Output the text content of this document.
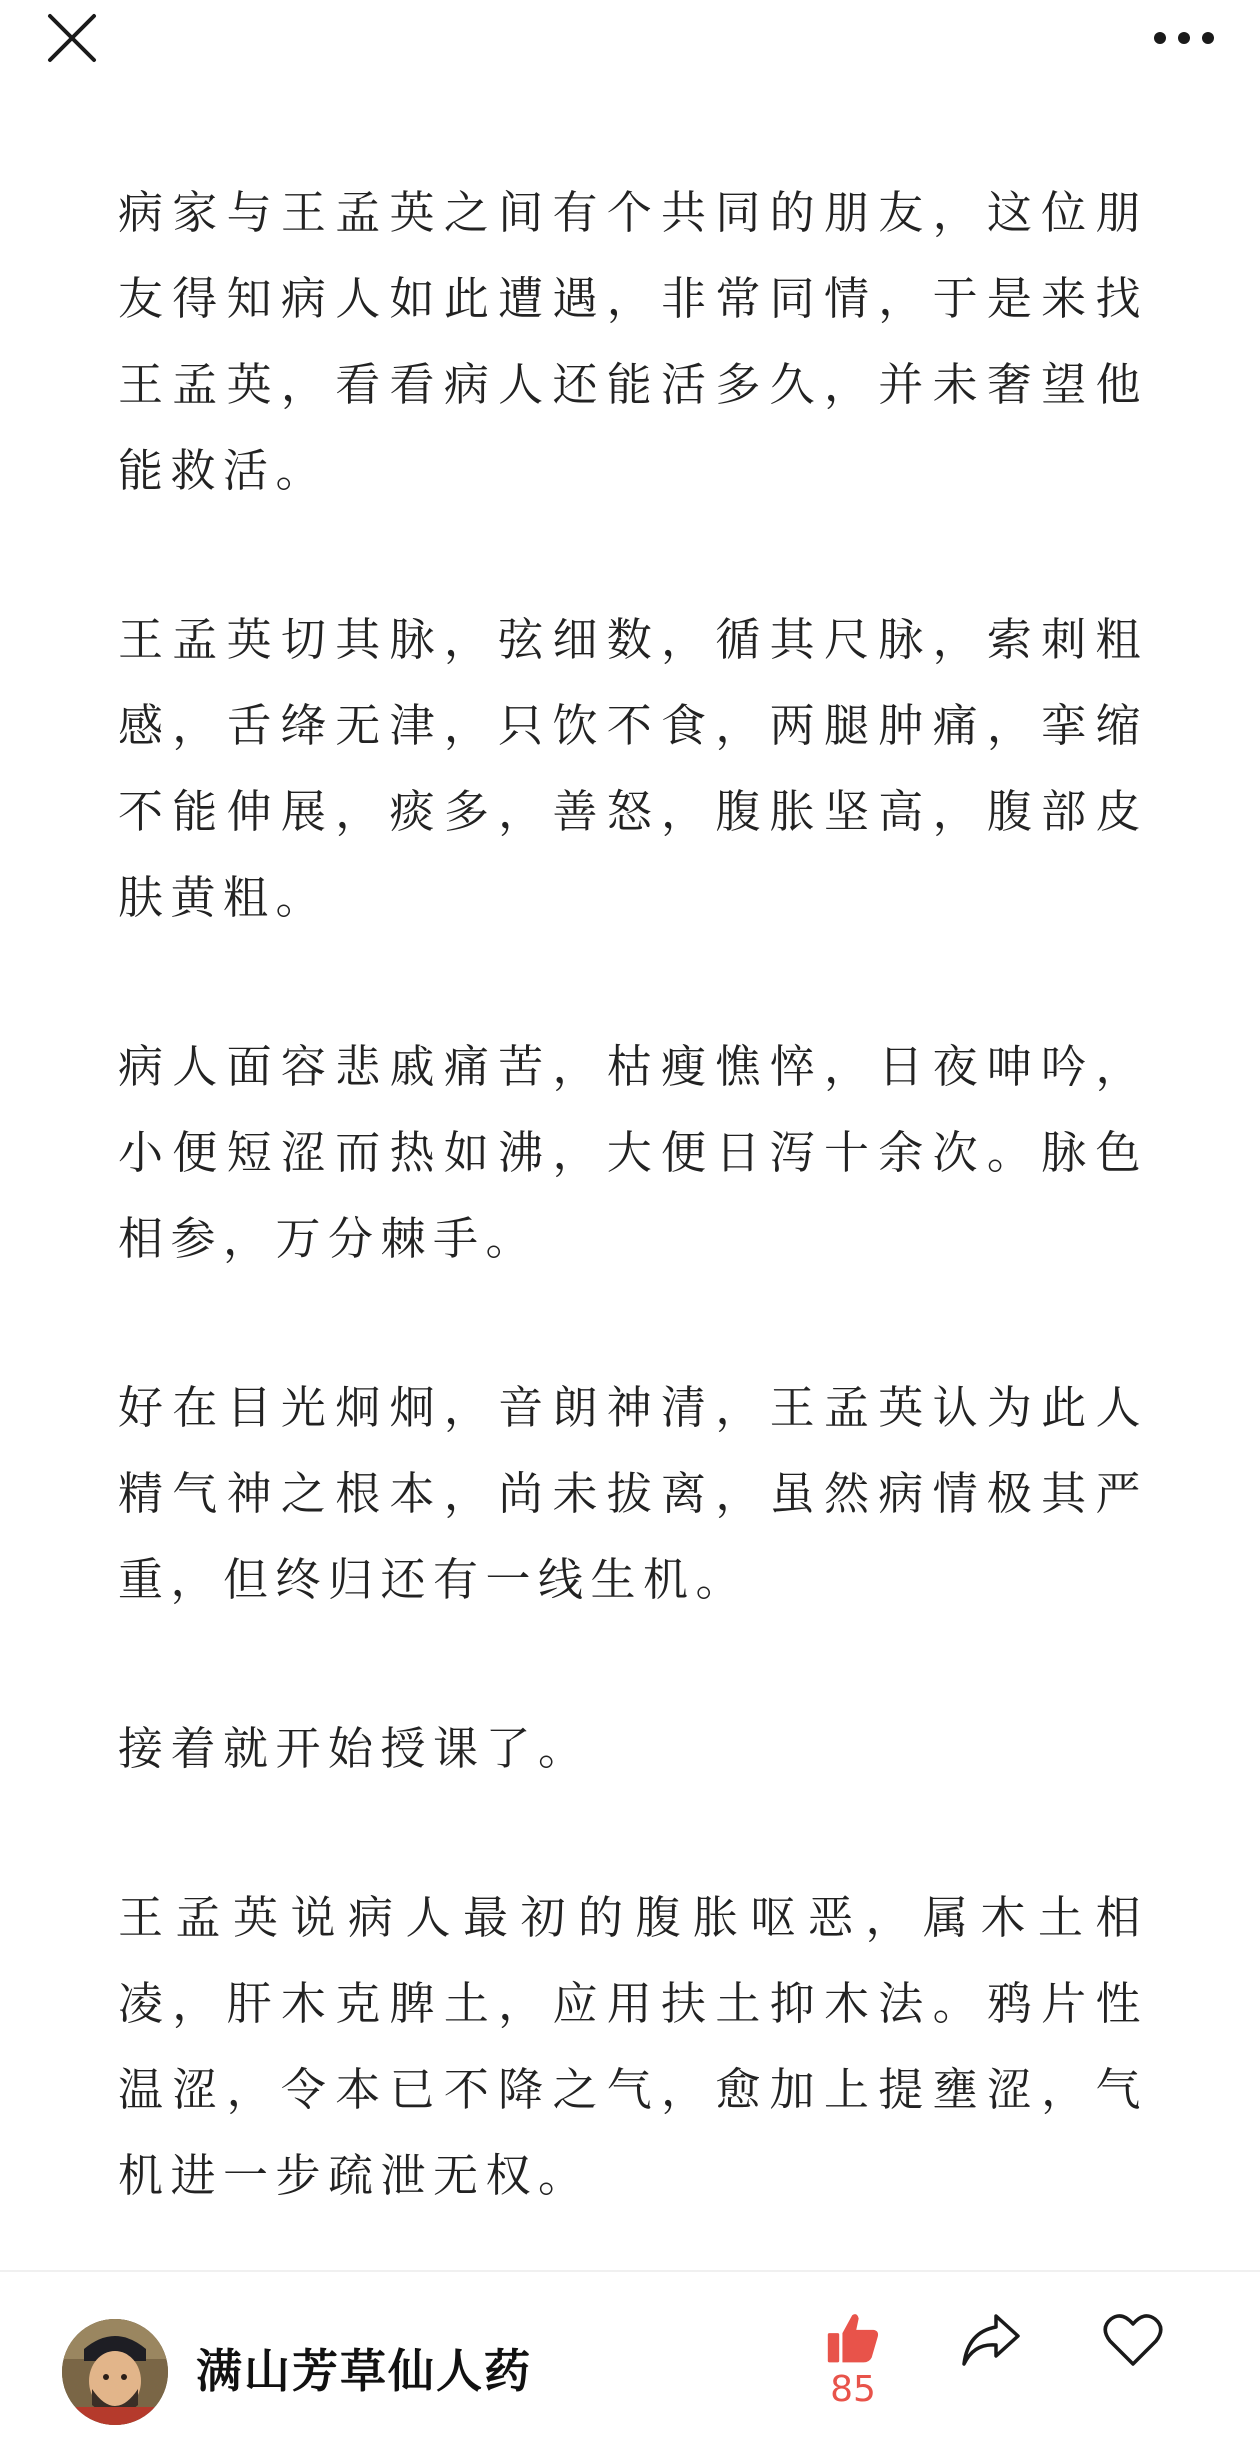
病家与王孟英之间有个共同的朋友，这位朋友得知病人如此遭遇，非常同情，于是来找王孟英，看看病人还能活多久，并未奢望他能救活。

王孟英切其脉，弦细数，循其尺脉，索刺粗感，舌绛无津，只饮不食，两腿肿痛，挛缩不能伸展，痰多，善怒，腹胀坚高，腹部皮肤黄粗。

病人面容悲戚痛苦，枯瘦憔悴，日夜呻吟，小便短涩而热如沸，大便日泻十余次。脉色相参，万分棘手。

好在目光炯炯，音朗神清，王孟英认为此人精气神之根本，尚未拔离，虽然病情极其严重，但终归还有一线生机。

接着就开始授课了。

王孟英说病人最初的腹胀呕恶，属木土相凌，肝木克脾土，应用扶土抑木法。鸦片性温涩，令本已不降之气，愈加上提壅涩，气机进一步疏泄无权。

满山芳草仙人药	85
